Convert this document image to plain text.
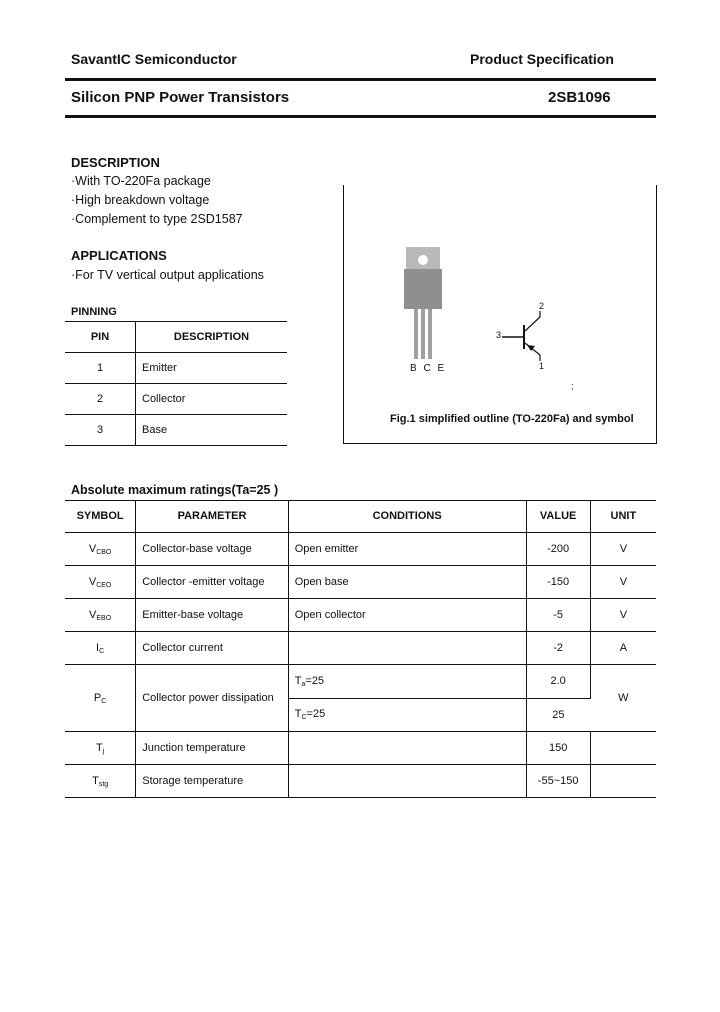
SavantIC Semiconductor	Product Specification
Silicon PNP Power Transistors	2SB1096
DESCRIPTION
·With TO-220Fa package
·High breakdown voltage
·Complement to type 2SD1587
APPLICATIONS
·For TV vertical output applications
PINNING
PIN	DESCRIPTION
1	Emitter
2	Collector
3	Base
B C E
2
3
1
;
Fig.1 simplified outline (TO-220Fa) and symbol
Absolute maximum ratings(Ta=25 )
SYMBOL	PARAMETER	CONDITIONS	VALUE	UNIT
$V_{CBO}$	Collector-base voltage	Open emitter	-200	V
$V_{CEO}$	Collector -emitter voltage	Open base	-150	V
$V_{EBO}$	Emitter-base voltage	Open collector	-5	V
$I_C$	Collector current		-2	A
$P_C$	Collector power dissipation	$T_a=25$	2.0	W
		$T_C=25$	25	
$T_j$	Junction temperature		150	
$T_{stg}$	Storage temperature		-55~150	
